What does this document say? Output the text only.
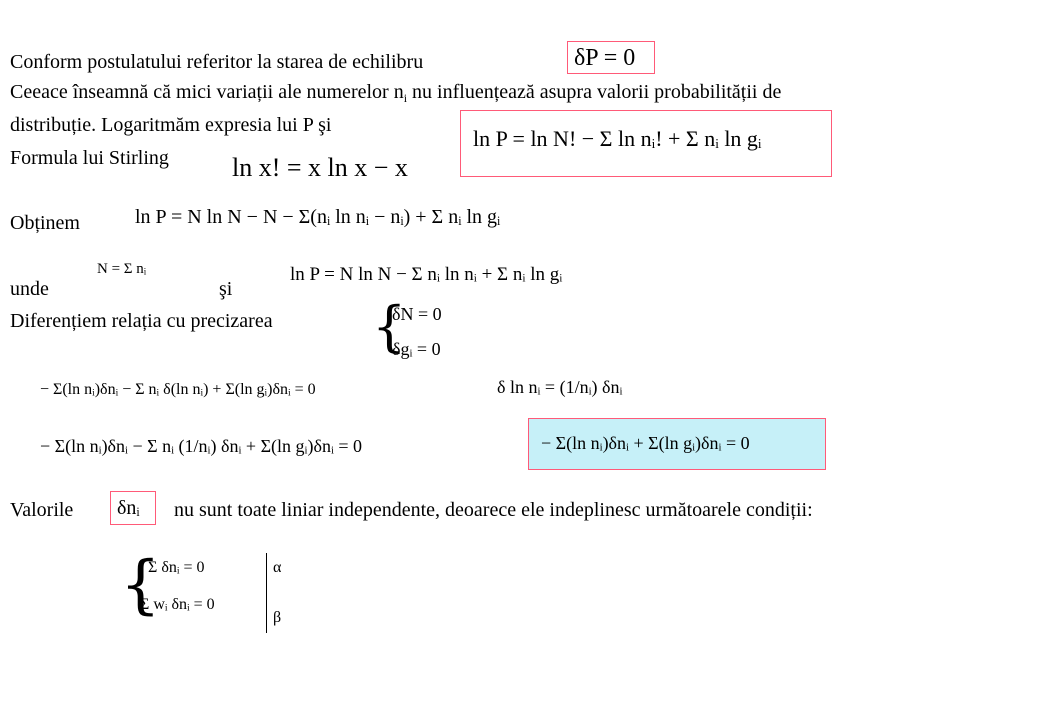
Conform postulatului referitor la starea de echilibru	δP = 0
Ceeace înseamnă că mici variații ale numerelor $n_i$ nu influențează asupra valorii probabilității de
distribuție. Logaritmăm expresia lui P şi
ln P = ln N! − Σ ln nᵢ! + Σ nᵢ ln gᵢ
Formula lui Stirling ln x! = x ln x − x
Obținem	ln P = N ln N − N − Σ(nᵢ ln nᵢ − nᵢ) + Σ nᵢ ln gᵢ
unde
N = Σ nᵢ
şi
ln P = N ln N − Σ nᵢ ln nᵢ + Σ nᵢ ln gᵢ
Diferențiem relația cu precizarea {
δN = 0
δgᵢ = 0
− Σ(ln nᵢ)δnᵢ − Σ nᵢ δ(ln nᵢ) + Σ(ln gᵢ)δnᵢ = 0	δ ln nᵢ = (1/nᵢ) δnᵢ
− Σ(ln nᵢ)δnᵢ − Σ nᵢ (1/nᵢ) δnᵢ + Σ(ln gᵢ)δnᵢ = 0	− Σ(ln nᵢ)δnᵢ + Σ(ln gᵢ)δnᵢ = 0
Valorile δnᵢ nu sunt toate liniar independente, deoarece ele indeplinesc următoarele condiții:
{
Σ δnᵢ = 0
Σ wᵢ δnᵢ = 0
α
β
